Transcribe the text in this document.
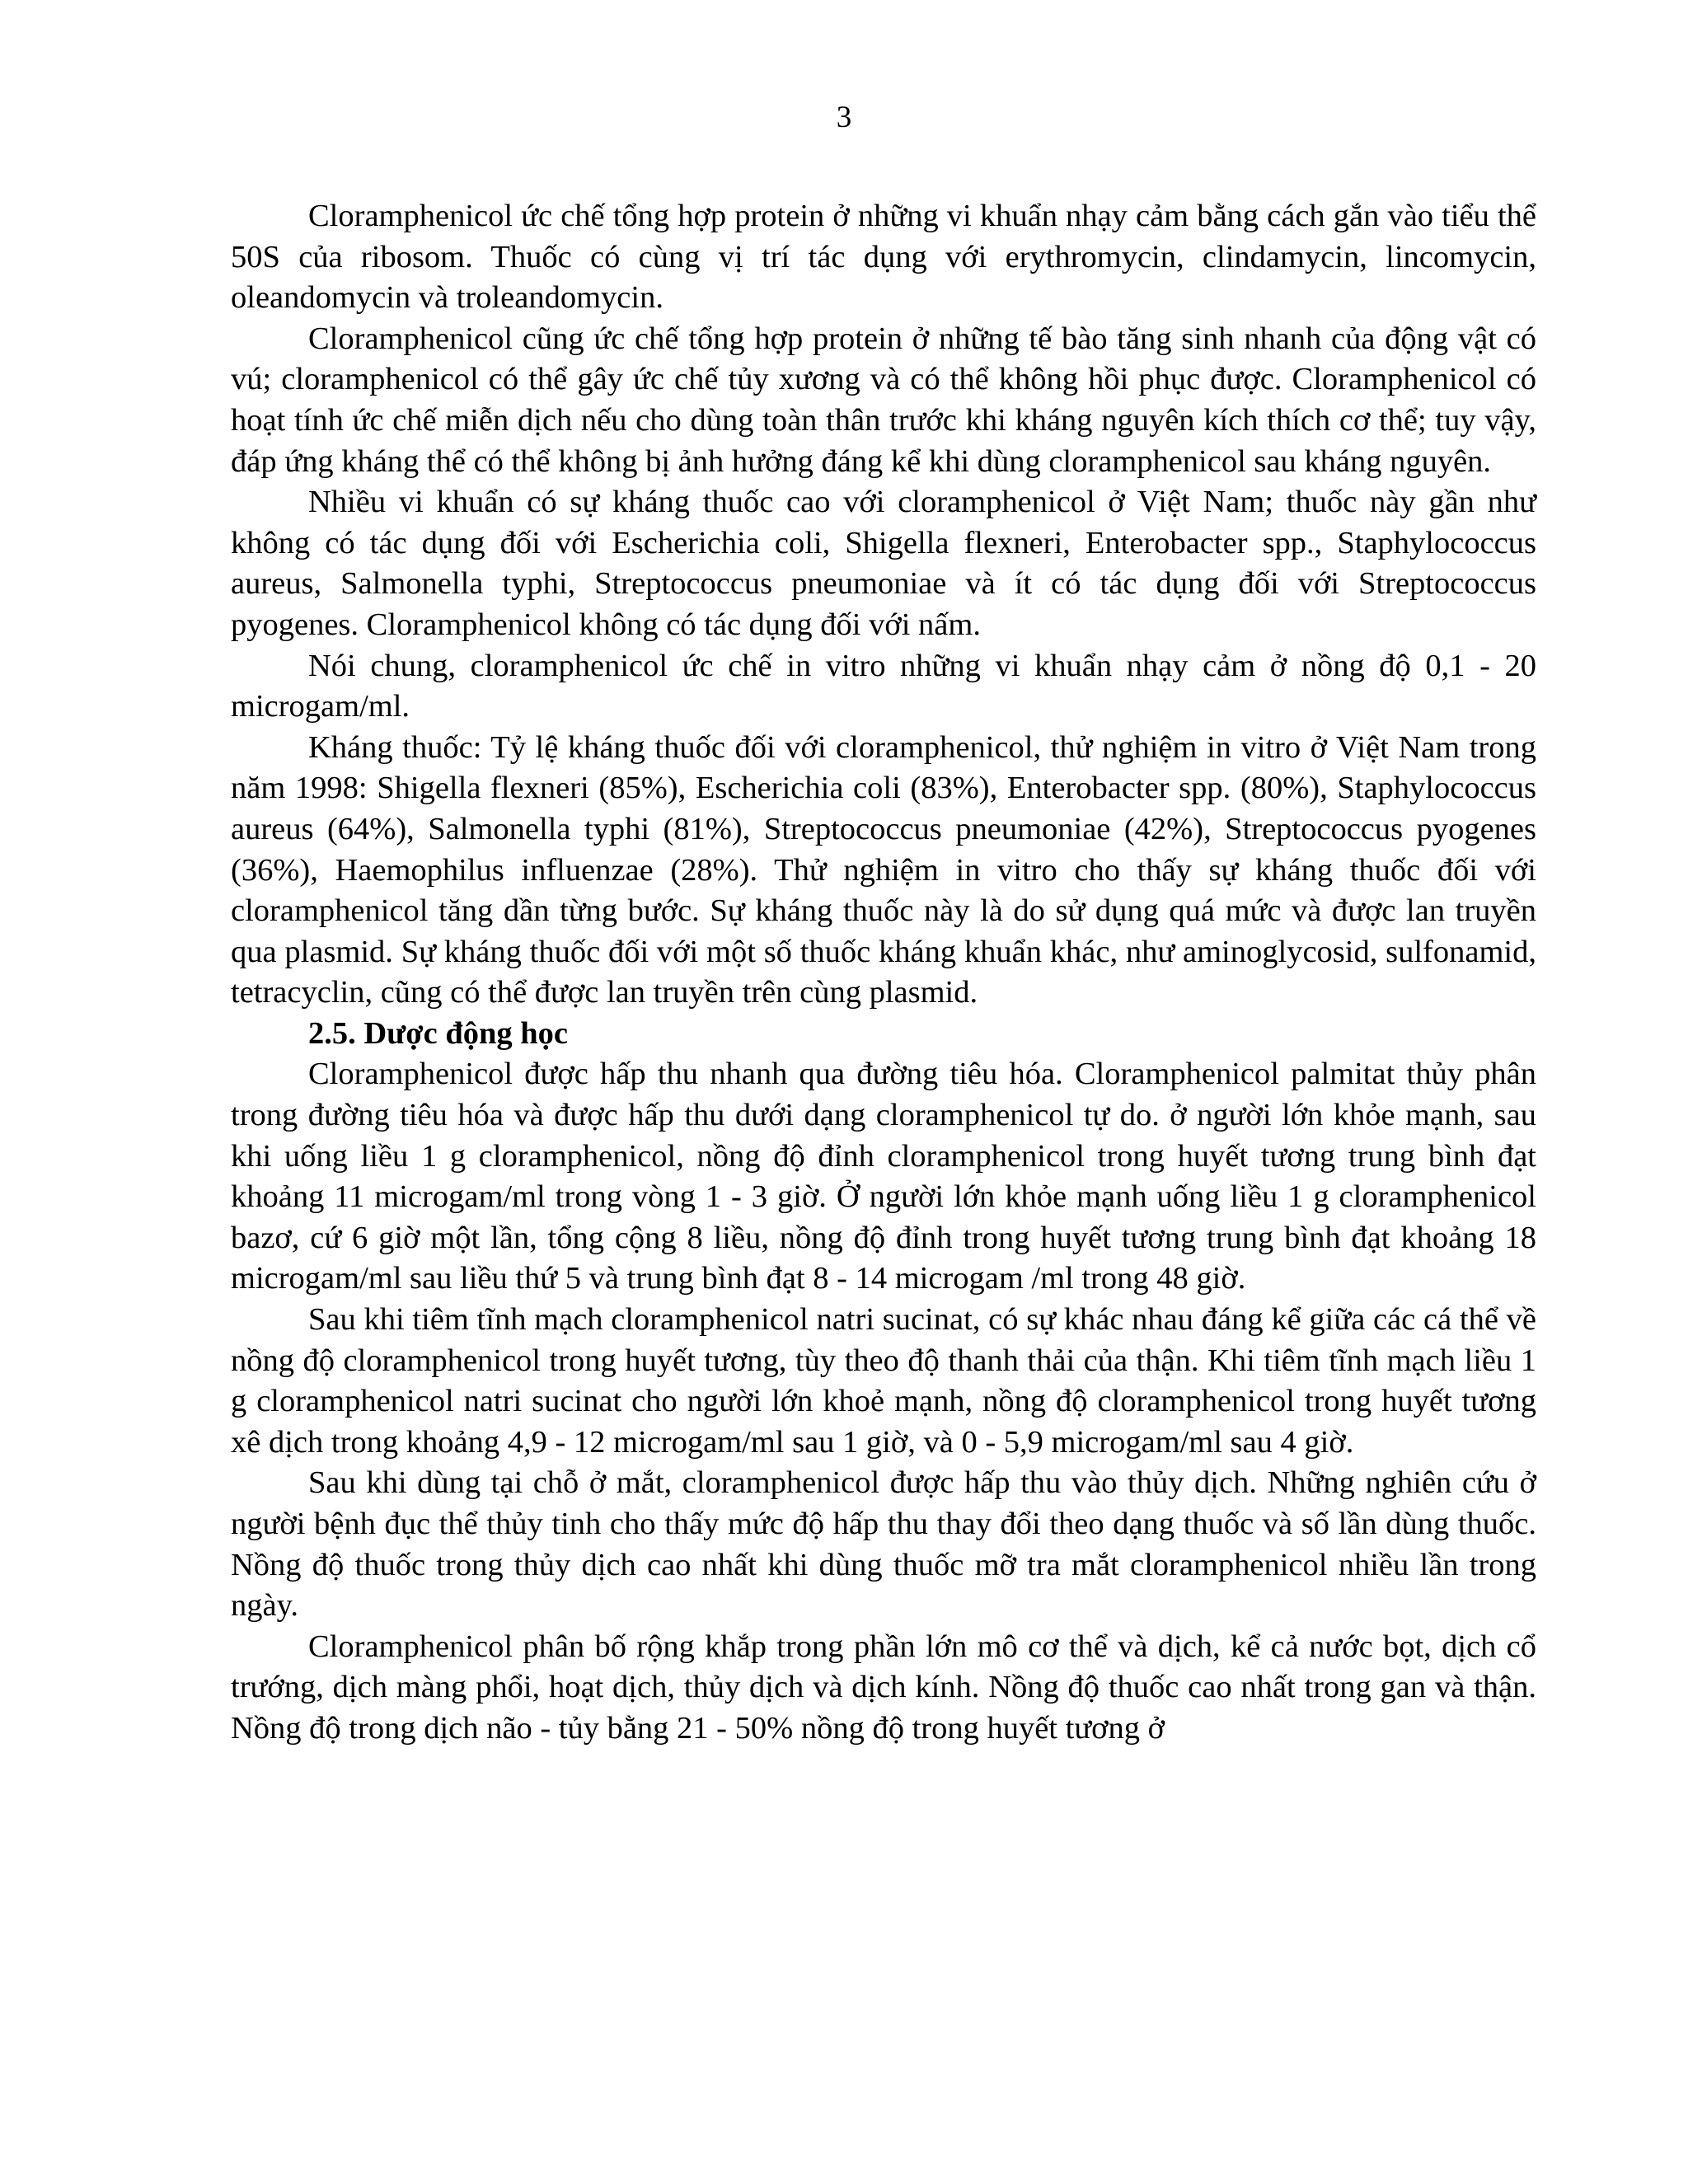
3

Cloramphenicol ức chế tổng hợp protein ở những vi khuẩn nhạy cảm bằng cách gắn vào tiểu thể 50S của ribosom. Thuốc có cùng vị trí tác dụng với erythromycin, clindamycin, lincomycin, oleandomycin và troleandomycin.

Cloramphenicol cũng ức chế tổng hợp protein ở những tế bào tăng sinh nhanh của động vật có vú; cloramphenicol có thể gây ức chế tủy xương và có thể không hồi phục được. Cloramphenicol có hoạt tính ức chế miễn dịch nếu cho dùng toàn thân trước khi kháng nguyên kích thích cơ thể; tuy vậy, đáp ứng kháng thể có thể không bị ảnh hưởng đáng kể khi dùng cloramphenicol sau kháng nguyên.

Nhiều vi khuẩn có sự kháng thuốc cao với cloramphenicol ở Việt Nam; thuốc này gần như không có tác dụng đối với Escherichia coli, Shigella flexneri, Enterobacter spp., Staphylococcus aureus, Salmonella typhi, Streptococcus pneumoniae và ít có tác dụng đối với Streptococcus pyogenes. Cloramphenicol không có tác dụng đối với nấm.

Nói chung, cloramphenicol ức chế in vitro những vi khuẩn nhạy cảm ở nồng độ 0,1 - 20 microgam/ml.

Kháng thuốc: Tỷ lệ kháng thuốc đối với cloramphenicol, thử nghiệm in vitro ở Việt Nam trong năm 1998: Shigella flexneri (85%), Escherichia coli (83%), Enterobacter spp. (80%), Staphylococcus aureus (64%), Salmonella typhi (81%), Streptococcus pneumoniae (42%), Streptococcus pyogenes (36%), Haemophilus influenzae (28%). Thử nghiệm in vitro cho thấy sự kháng thuốc đối với cloramphenicol tăng dần từng bước. Sự kháng thuốc này là do sử dụng quá mức và được lan truyền qua plasmid. Sự kháng thuốc đối với một số thuốc kháng khuẩn khác, như aminoglycosid, sulfonamid, tetracyclin, cũng có thể được lan truyền trên cùng plasmid.

2.5. Dược động học

Cloramphenicol được hấp thu nhanh qua đường tiêu hóa. Cloramphenicol palmitat thủy phân trong đường tiêu hóa và được hấp thu dưới dạng cloramphenicol tự do. ở người lớn khỏe mạnh, sau khi uống liều 1 g cloramphenicol, nồng độ đỉnh cloramphenicol trong huyết tương trung bình đạt khoảng 11 microgam/ml trong vòng 1 - 3 giờ. Ở người lớn khỏe mạnh uống liều 1 g cloramphenicol bazơ, cứ 6 giờ một lần, tổng cộng 8 liều, nồng độ đỉnh trong huyết tương trung bình đạt khoảng 18 microgam/ml sau liều thứ 5 và trung bình đạt 8 - 14 microgam /ml trong 48 giờ.

Sau khi tiêm tĩnh mạch cloramphenicol natri sucinat, có sự khác nhau đáng kể giữa các cá thể về nồng độ cloramphenicol trong huyết tương, tùy theo độ thanh thải của thận. Khi tiêm tĩnh mạch liều 1 g cloramphenicol natri sucinat cho người lớn khoẻ mạnh, nồng độ cloramphenicol trong huyết tương xê dịch trong khoảng 4,9 - 12 microgam/ml sau 1 giờ, và 0 - 5,9 microgam/ml sau 4 giờ.

Sau khi dùng tại chỗ ở mắt, cloramphenicol được hấp thu vào thủy dịch. Những nghiên cứu ở người bệnh đục thể thủy tinh cho thấy mức độ hấp thu thay đổi theo dạng thuốc và số lần dùng thuốc. Nồng độ thuốc trong thủy dịch cao nhất khi dùng thuốc mỡ tra mắt cloramphenicol nhiều lần trong ngày.

Cloramphenicol phân bố rộng khắp trong phần lớn mô cơ thể và dịch, kể cả nước bọt, dịch cổ trướng, dịch màng phổi, hoạt dịch, thủy dịch và dịch kính. Nồng độ thuốc cao nhất trong gan và thận. Nồng độ trong dịch não - tủy bằng 21 - 50% nồng độ trong huyết tương ở
